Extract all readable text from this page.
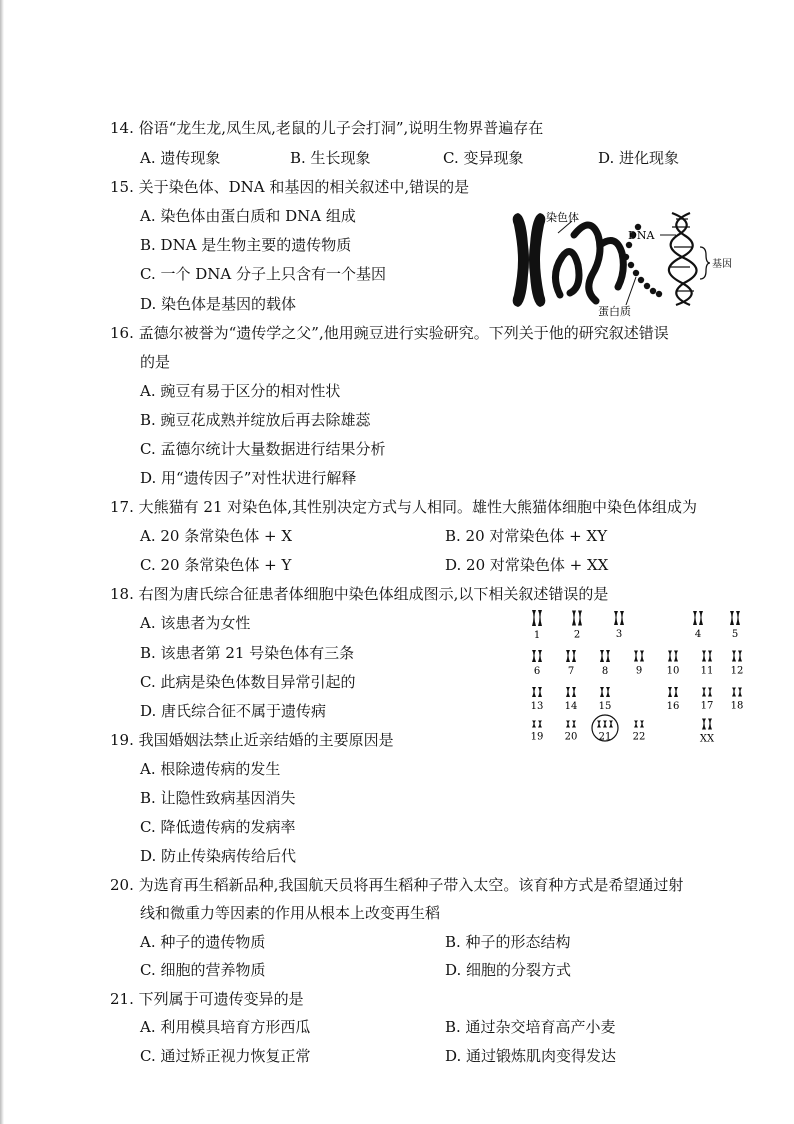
14. 俗语“龙生龙,凤生凤,老鼠的儿子会打洞”,说明生物界普遍存在
A. 遗传现象	B. 生长现象	C. 变异现象	D. 进化现象
15. 关于染色体、DNA 和基因的相关叙述中,错误的是
A. 染色体由蛋白质和 DNA 组成
B. DNA 是生物主要的遗传物质
C. 一个 DNA 分子上只含有一个基因
D. 染色体是基因的载体
染色体
DNA
基因
蛋白质
16. 孟德尔被誉为“遗传学之父”,他用豌豆进行实验研究。下列关于他的研究叙述错误
的是
A. 豌豆有易于区分的相对性状
B. 豌豆花成熟并绽放后再去除雄蕊
C. 孟德尔统计大量数据进行结果分析
D. 用“遗传因子”对性状进行解释
17. 大熊猫有 21 对染色体,其性别决定方式与人相同。雄性大熊猫体细胞中染色体组成为
A. 20 条常染色体 + X	B. 20 对常染色体 + XY
C. 20 条常染色体 + Y	D. 20 对常染色体 + XX
18. 右图为唐氏综合征患者体细胞中染色体组成图示,以下相关叙述错误的是
A. 该患者为女性
B. 该患者第 21 号染色体有三条
C. 此病是染色体数目异常引起的
D. 唐氏综合征不属于遗传病
1	2	3	4	5
6	7	8	9 10 11 12
13 14 15	16 17 18
19 20 21 22	XX
19. 我国婚姻法禁止近亲结婚的主要原因是
A. 根除遗传病的发生
B. 让隐性致病基因消失
C. 降低遗传病的发病率
D. 防止传染病传给后代
20. 为选育再生稻新品种,我国航天员将再生稻种子带入太空。该育种方式是希望通过射
线和微重力等因素的作用从根本上改变再生稻
A. 种子的遗传物质	B. 种子的形态结构
C. 细胞的营养物质	D. 细胞的分裂方式
21. 下列属于可遗传变异的是
A. 利用模具培育方形西瓜	B. 通过杂交培育高产小麦
C. 通过矫正视力恢复正常	D. 通过锻炼肌肉变得发达
